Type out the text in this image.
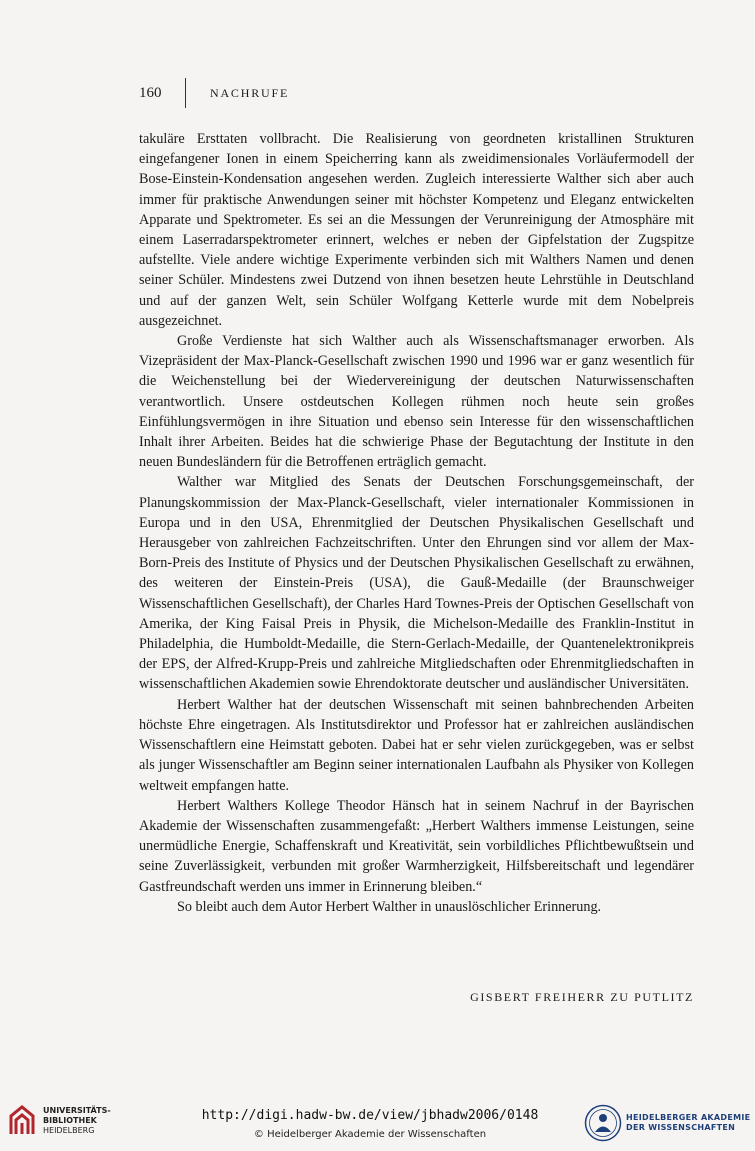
160	NACHRUFE

takuläre Ersttaten vollbracht. Die Realisierung von geordneten kristallinen Strukturen eingefangener Ionen in einem Speicherring kann als zweidimensionales Vorläufermodell der Bose-Einstein-Kondensation angesehen werden. Zugleich interessierte Walther sich aber auch immer für praktische Anwendungen seiner mit höchster Kompetenz und Eleganz entwickelten Apparate und Spektrometer. Es sei an die Messungen der Verunreinigung der Atmosphäre mit einem Laserradarspektrometer erinnert, welches er neben der Gipfelstation der Zugspitze aufstellte. Viele andere wichtige Experimente verbinden sich mit Walthers Namen und denen seiner Schüler. Mindestens zwei Dutzend von ihnen besetzen heute Lehrstühle in Deutschland und auf der ganzen Welt, sein Schüler Wolfgang Ketterle wurde mit dem Nobelpreis ausgezeichnet.

Große Verdienste hat sich Walther auch als Wissenschaftsmanager erworben. Als Vizepräsident der Max-Planck-Gesellschaft zwischen 1990 und 1996 war er ganz wesentlich für die Weichenstellung bei der Wiedervereinigung der deutschen Naturwissenschaften verantwortlich. Unsere ostdeutschen Kollegen rühmen noch heute sein großes Einfühlungsvermögen in ihre Situation und ebenso sein Interesse für den wissenschaftlichen Inhalt ihrer Arbeiten. Beides hat die schwierige Phase der Begutachtung der Institute in den neuen Bundesländern für die Betroffenen erträglich gemacht.

Walther war Mitglied des Senats der Deutschen Forschungsgemeinschaft, der Planungskommission der Max-Planck-Gesellschaft, vieler internationaler Kommissionen in Europa und in den USA, Ehrenmitglied der Deutschen Physikalischen Gesellschaft und Herausgeber von zahlreichen Fachzeitschriften. Unter den Ehrungen sind vor allem der Max-Born-Preis des Institute of Physics und der Deutschen Physikalischen Gesellschaft zu erwähnen, des weiteren der Einstein-Preis (USA), die Gauß-Medaille (der Braunschweiger Wissenschaftlichen Gesellschaft), der Charles Hard Townes-Preis der Optischen Gesellschaft von Amerika, der King Faisal Preis in Physik, die Michelson-Medaille des Franklin-Institut in Philadelphia, die Humboldt-Medaille, die Stern-Gerlach-Medaille, der Quantenelektronikpreis der EPS, der Alfred-Krupp-Preis und zahlreiche Mitgliedschaften oder Ehrenmitgliedschaften in wissenschaftlichen Akademien sowie Ehrendoktorate deutscher und ausländischer Universitäten.

Herbert Walther hat der deutschen Wissenschaft mit seinen bahnbrechenden Arbeiten höchste Ehre eingetragen. Als Institutsdirektor und Professor hat er zahlreichen ausländischen Wissenschaftlern eine Heimstatt geboten. Dabei hat er sehr vielen zurückgegeben, was er selbst als junger Wissenschaftler am Beginn seiner internationalen Laufbahn als Physiker von Kollegen weltweit empfangen hatte.

Herbert Walthers Kollege Theodor Hänsch hat in seinem Nachruf in der Bayrischen Akademie der Wissenschaften zusammengefaßt: „Herbert Walthers immense Leistungen, seine unermüdliche Energie, Schaffenskraft und Kreativität, sein vorbildliches Pflichtbewußtsein und seine Zuverlässigkeit, verbunden mit großer Warmherzigkeit, Hilfsbereitschaft und legendärer Gastfreundschaft werden uns immer in Erinnerung bleiben.“

So bleibt auch dem Autor Herbert Walther in unauslöschlicher Erinnerung.

GISBERT FREIHERR ZU PUTLITZ
UNIVERSITÄTS-
BIBLIOTHEK
HEIDELBERG
http://digi.hadw-bw.de/view/jbhadw2006/0148
© Heidelberger Akademie der Wissenschaften
HEIDELBERGER AKADEMIE
DER WISSENSCHAFTEN
